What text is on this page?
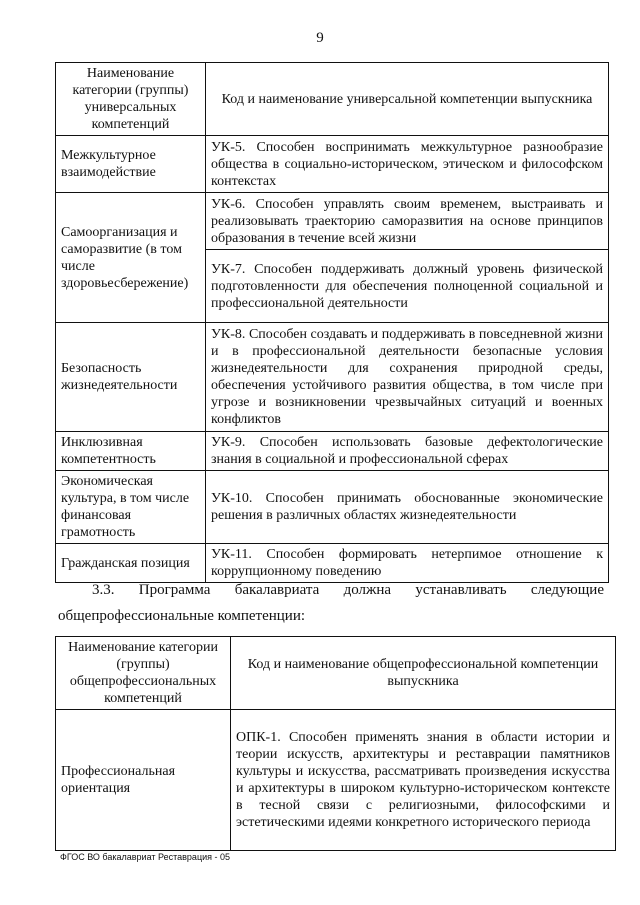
9
Наименование категории (группы) универсальных компетенций	Код и наименование универсальной компетенции выпускника
Межкультурное взаимодействие	УК-5. Способен воспринимать межкультурное разнообразие общества в социально-историческом, этическом и философском контекстах
Самоорганизация и саморазвитие (в том числе здоровьесбережение)	УК-6. Способен управлять своим временем, выстраивать и реализовывать траекторию саморазвития на основе принципов образования в течение всей жизни
	УК-7. Способен поддерживать должный уровень физической подготовленности для обеспечения полноценной социальной и профессиональной деятельности
Безопасность жизнедеятельности	УК-8. Способен создавать и поддерживать в повседневной жизни и в профессиональной деятельности безопасные условия жизнедеятельности для сохранения природной среды, обеспечения устойчивого развития общества, в том числе при угрозе и возникновении чрезвычайных ситуаций и военных конфликтов
Инклюзивная компетентность	УК-9. Способен использовать базовые дефектологические знания в социальной и профессиональной сферах
Экономическая культура, в том числе финансовая грамотность	УК-10. Способен принимать обоснованные экономические решения в различных областях жизнедеятельности
Гражданская позиция	УК-11. Способен формировать нетерпимое отношение к коррупционному поведению
3.3. Программа бакалавриата должна устанавливать следующие
общепрофессиональные компетенции:
Наименование категории (группы) общепрофессиональных компетенций	Код и наименование общепрофессиональной компетенции выпускника
Профессиональная ориентация	ОПК-1. Способен применять знания в области истории и теории искусств, архитектуры и реставрации памятников культуры и искусства, рассматривать произведения искусства и архитектуры в широком культурно-историческом контексте в тесной связи с религиозными, философскими и эстетическими идеями конкретного исторического периода
ФГОС ВО бакалавриат Реставрация - 05
